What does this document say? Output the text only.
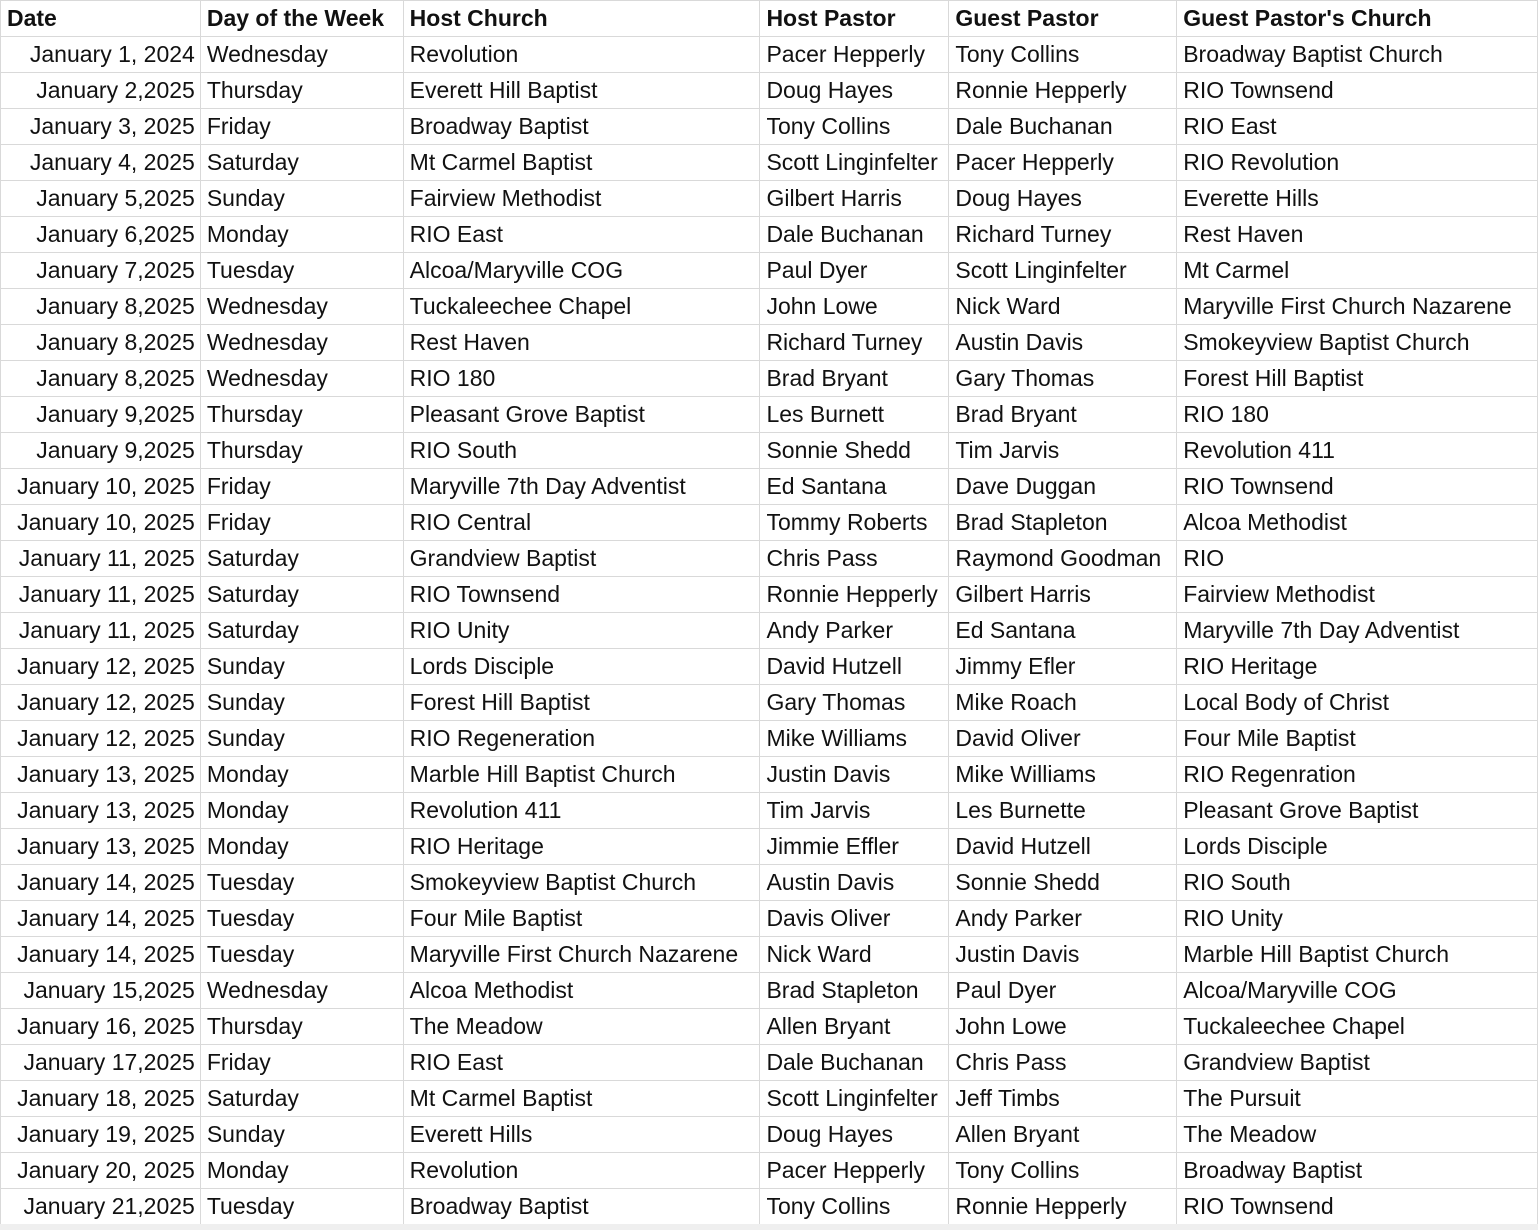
Date	Day of the Week	Host Church	Host Pastor	Guest Pastor	Guest Pastor's Church
January 1, 2024	Wednesday	Revolution	Pacer Hepperly	Tony Collins	Broadway Baptist Church
January 2,2025	Thursday	Everett Hill Baptist	Doug Hayes	Ronnie Hepperly	RIO Townsend
January 3, 2025	Friday	Broadway Baptist	Tony Collins	Dale Buchanan	RIO East
January 4, 2025	Saturday	Mt Carmel Baptist	Scott Linginfelter	Pacer Hepperly	RIO Revolution
January 5,2025	Sunday	Fairview Methodist	Gilbert Harris	Doug Hayes	Everette Hills
January 6,2025	Monday	RIO East	Dale Buchanan	Richard Turney	Rest Haven
January 7,2025	Tuesday	Alcoa/Maryville COG	Paul Dyer	Scott Linginfelter	Mt Carmel
January 8,2025	Wednesday	Tuckaleechee Chapel	John Lowe	Nick Ward	Maryville First Church Nazarene
January 8,2025	Wednesday	Rest Haven	Richard Turney	Austin Davis	Smokeyview Baptist Church
January 8,2025	Wednesday	RIO 180	Brad Bryant	Gary Thomas	Forest Hill Baptist
January 9,2025	Thursday	Pleasant Grove Baptist	Les Burnett	Brad Bryant	RIO 180
January 9,2025	Thursday	RIO South	Sonnie Shedd	Tim Jarvis	Revolution 411
January 10, 2025	Friday	Maryville 7th Day Adventist	Ed Santana	Dave Duggan	RIO Townsend
January 10, 2025	Friday	RIO Central	Tommy Roberts	Brad Stapleton	Alcoa Methodist
January 11, 2025	Saturday	Grandview Baptist	Chris Pass	Raymond Goodman	RIO
January 11, 2025	Saturday	RIO Townsend	Ronnie Hepperly	Gilbert Harris	Fairview Methodist
January 11, 2025	Saturday	RIO Unity	Andy Parker	Ed Santana	Maryville 7th Day Adventist
January 12, 2025	Sunday	Lords Disciple	David Hutzell	Jimmy Efler	RIO Heritage
January 12, 2025	Sunday	Forest Hill Baptist	Gary Thomas	Mike Roach	Local Body of Christ
January 12, 2025	Sunday	RIO Regeneration	Mike Williams	David Oliver	Four Mile Baptist
January 13, 2025	Monday	Marble Hill Baptist Church	Justin Davis	Mike Williams	RIO Regenration
January 13, 2025	Monday	Revolution 411	Tim Jarvis	Les Burnette	Pleasant Grove Baptist
January 13, 2025	Monday	RIO Heritage	Jimmie Effler	David Hutzell	Lords Disciple
January 14, 2025	Tuesday	Smokeyview Baptist Church	Austin Davis	Sonnie Shedd	RIO South
January 14, 2025	Tuesday	Four Mile Baptist	Davis Oliver	Andy Parker	RIO Unity
January 14, 2025	Tuesday	Maryville First Church Nazarene	Nick Ward	Justin Davis	Marble Hill Baptist Church
January 15,2025	Wednesday	Alcoa Methodist	Brad Stapleton	Paul Dyer	Alcoa/Maryville COG
January 16, 2025	Thursday	The Meadow	Allen Bryant	John Lowe	Tuckaleechee Chapel
January 17,2025	Friday	RIO East	Dale Buchanan	Chris Pass	Grandview Baptist
January 18, 2025	Saturday	Mt Carmel Baptist	Scott Linginfelter	Jeff Timbs	The Pursuit
January 19, 2025	Sunday	Everett Hills	Doug Hayes	Allen Bryant	The Meadow
January 20, 2025	Monday	Revolution	Pacer Hepperly	Tony Collins	Broadway Baptist
January 21,2025	Tuesday	Broadway Baptist	Tony Collins	Ronnie Hepperly	RIO Townsend
